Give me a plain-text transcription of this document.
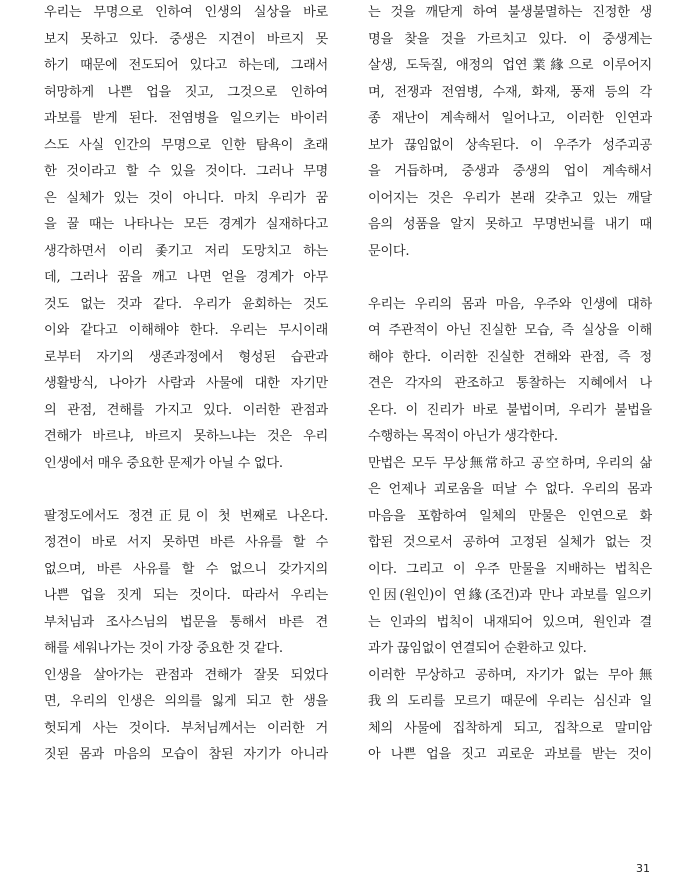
우리는 무명으로 인하여 인생의 실상을 바로
보지 못하고 있다. 중생은 지견이 바르지 못
하기 때문에 전도되어 있다고 하는데, 그래서
허망하게 나쁜 업을 짓고, 그것으로 인하여
과보를 받게 된다. 전염병을 일으키는 바이러
스도 사실 인간의 무명으로 인한 탐욕이 초래
한 것이라고 할 수 있을 것이다. 그러나 무명
은 실체가 있는 것이 아니다. 마치 우리가 꿈
을 꿀 때는 나타나는 모든 경계가 실재하다고
생각하면서 이리 좇기고 저리 도망치고 하는
데, 그러나 꿈을 깨고 나면 얻을 경계가 아무
것도 없는 것과 같다. 우리가 윤회하는 것도
이와 같다고 이해해야 한다. 우리는 무시이래
로부터 자기의 생존과정에서 형성된 습관과
생활방식, 나아가 사람과 사물에 대한 자기만
의 관점, 견해를 가지고 있다. 이러한 관점과
견해가 바르냐, 바르지 못하느냐는 것은 우리
인생에서 매우 중요한 문제가 아닐 수 없다.
팔정도에서도 정견正見이 첫 번째로 나온다.
정견이 바로 서지 못하면 바른 사유를 할 수
없으며, 바른 사유를 할 수 없으니 갖가지의
나쁜 업을 짓게 되는 것이다. 따라서 우리는
부처님과 조사스님의 법문을 통해서 바른 견
해를 세워나가는 것이 가장 중요한 것 같다.
인생을 살아가는 관점과 견해가 잘못 되었다
면, 우리의 인생은 의의를 잃게 되고 한 생을
헛되게 사는 것이다. 부처님께서는 이러한 거
짓된 몸과 마음의 모습이 참된 자기가 아니라
는 것을 깨닫게 하여 불생불멸하는 진정한 생
명을 찾을 것을 가르치고 있다. 이 중생계는
살생, 도둑질, 애정의 업연業緣으로 이루어지
며, 전쟁과 전염병, 수재, 화재, 풍재 등의 각
종 재난이 계속해서 일어나고, 이러한 인연과
보가 끊임없이 상속된다. 이 우주가 성주괴공
을 거듭하며, 중생과 중생의 업이 계속해서
이어지는 것은 우리가 본래 갖추고 있는 깨달
음의 성품을 알지 못하고 무명번뇌를 내기 때
문이다.
우리는 우리의 몸과 마음, 우주와 인생에 대하
여 주관적이 아닌 진실한 모습, 즉 실상을 이해
해야 한다. 이러한 진실한 견해와 관점, 즉 정
견은 각자의 관조하고 통찰하는 지혜에서 나
온다. 이 진리가 바로 불법이며, 우리가 불법을
수행하는 목적이 아닌가 생각한다.
만법은 모두 무상無常하고 공空하며, 우리의 삶
은 언제나 괴로움을 떠날 수 없다. 우리의 몸과
마음을 포함하여 일체의 만물은 인연으로 화
합된 것으로서 공하여 고정된 실체가 없는 것
이다. 그리고 이 우주 만물을 지배하는 법칙은
인因(원인)이 연緣(조건)과 만나 과보를 일으키
는 인과의 법칙이 내재되어 있으며, 원인과 결
과가 끊임없이 연결되어 순환하고 있다.
이러한 무상하고 공하며, 자기가 없는 무아無
我의 도리를 모르기 때문에 우리는 심신과 일
체의 사물에 집착하게 되고, 집착으로 말미암
아 나쁜 업을 짓고 괴로운 과보를 받는 것이
31
